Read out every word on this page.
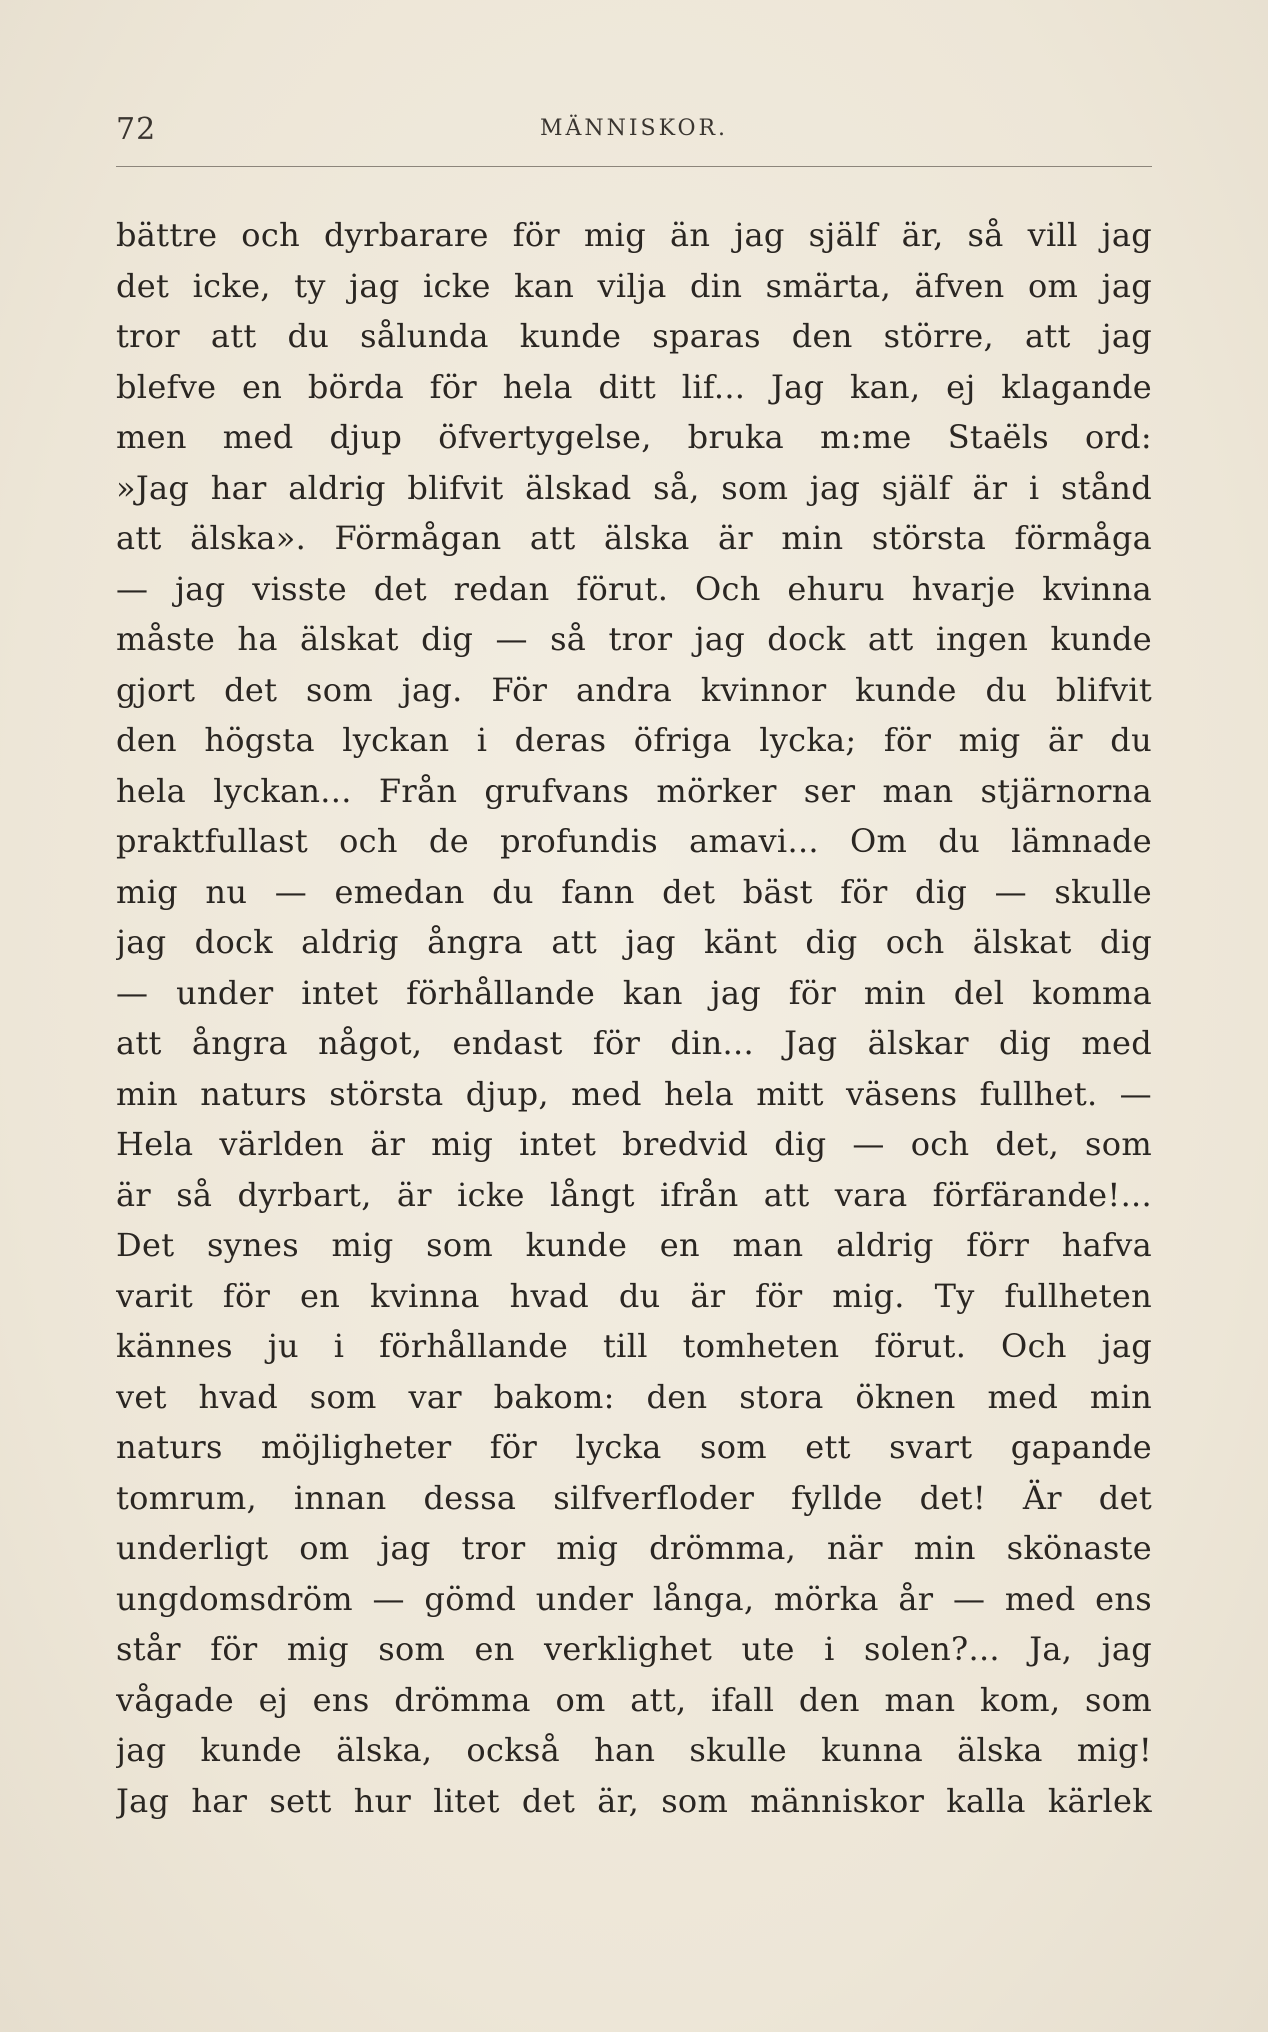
72	MÄNNISKOR.
bättre och dyrbarare för mig än jag själf är, så vill jag
det icke, ty jag icke kan vilja din smärta, äfven om jag
tror att du sålunda kunde sparas den större, att jag
blefve en börda för hela ditt lif... Jag kan, ej klagande
men med djup öfvertygelse, bruka m:me Staëls ord:
»Jag har aldrig blifvit älskad så, som jag själf är i stånd
att älska». Förmågan att älska är min största förmåga
— jag visste det redan förut. Och ehuru hvarje kvinna
måste ha älskat dig — så tror jag dock att ingen kunde
gjort det som jag. För andra kvinnor kunde du blifvit
den högsta lyckan i deras öfriga lycka; för mig är du
hela lyckan... Från grufvans mörker ser man stjärnorna
praktfullast och de profundis amavi... Om du lämnade
mig nu — emedan du fann det bäst för dig — skulle
jag dock aldrig ångra att jag känt dig och älskat dig
— under intet förhållande kan jag för min del komma
att ångra något, endast för din... Jag älskar dig med
min naturs största djup, med hela mitt väsens fullhet. —
Hela världen är mig intet bredvid dig — och det, som
är så dyrbart, är icke långt ifrån att vara förfärande!...
Det synes mig som kunde en man aldrig förr hafva
varit för en kvinna hvad du är för mig. Ty fullheten
kännes ju i förhållande till tomheten förut. Och jag
vet hvad som var bakom: den stora öknen med min
naturs möjligheter för lycka som ett svart gapande
tomrum, innan dessa silfverfloder fyllde det! Är det
underligt om jag tror mig drömma, när min skönaste
ungdomsdröm — gömd under långa, mörka år — med ens
står för mig som en verklighet ute i solen?... Ja, jag
vågade ej ens drömma om att, ifall den man kom, som
jag kunde älska, också han skulle kunna älska mig!
Jag har sett hur litet det är, som människor kalla kärlek
